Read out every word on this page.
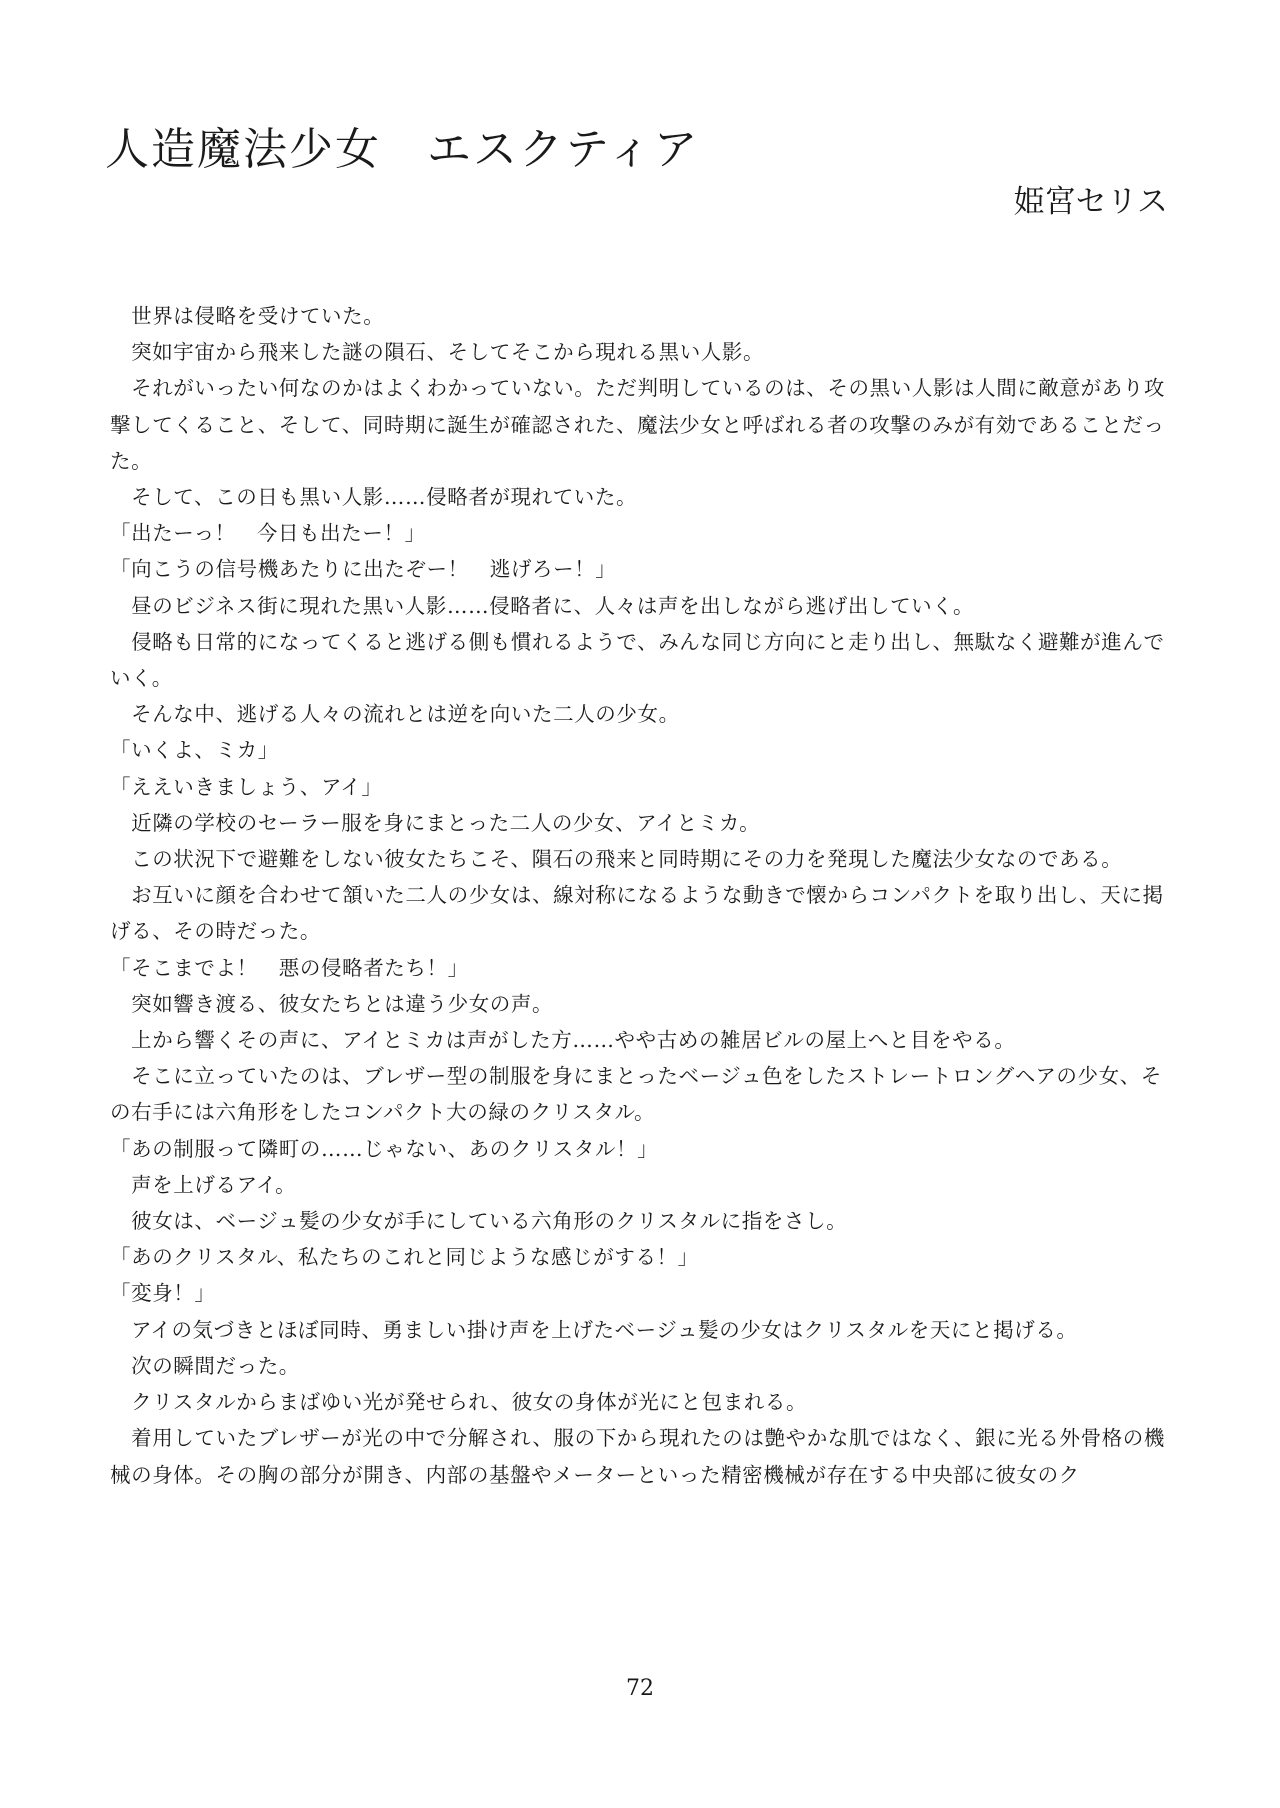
人造魔法少女　エスクティア
姫宮セリス

　世界は侵略を受けていた。

　突如宇宙から飛来した謎の隕石、そしてそこから現れる黒い人影。

　それがいったい何なのかはよくわかっていない。ただ判明しているのは、その黒い人影は人間に敵意があり攻撃してくること、そして、同時期に誕生が確認された、魔法少女と呼ばれる者の攻撃のみが有効であることだった。

　そして、この日も黒い人影……侵略者が現れていた。

「出たーっ！　今日も出たー！」

「向こうの信号機あたりに出たぞー！　逃げろー！」

　昼のビジネス街に現れた黒い人影……侵略者に、人々は声を出しながら逃げ出していく。

　侵略も日常的になってくると逃げる側も慣れるようで、みんな同じ方向にと走り出し、無駄なく避難が進んでいく。

　そんな中、逃げる人々の流れとは逆を向いた二人の少女。

「いくよ、ミカ」

「ええいきましょう、アイ」

　近隣の学校のセーラー服を身にまとった二人の少女、アイとミカ。

　この状況下で避難をしない彼女たちこそ、隕石の飛来と同時期にその力を発現した魔法少女なのである。

　お互いに顔を合わせて頷いた二人の少女は、線対称になるような動きで懐からコンパクトを取り出し、天に掲げる、その時だった。

「そこまでよ！　悪の侵略者たち！」

　突如響き渡る、彼女たちとは違う少女の声。

　上から響くその声に、アイとミカは声がした方……やや古めの雑居ビルの屋上へと目をやる。

　そこに立っていたのは、ブレザー型の制服を身にまとったベージュ色をしたストレートロングヘアの少女、その右手には六角形をしたコンパクト大の緑のクリスタル。

「あの制服って隣町の……じゃない、あのクリスタル！」

　声を上げるアイ。

　彼女は、ベージュ髪の少女が手にしている六角形のクリスタルに指をさし。

「あのクリスタル、私たちのこれと同じような感じがする！」

「変身！」

　アイの気づきとほぼ同時、勇ましい掛け声を上げたベージュ髪の少女はクリスタルを天にと掲げる。

　次の瞬間だった。

　クリスタルからまばゆい光が発せられ、彼女の身体が光にと包まれる。

　着用していたブレザーが光の中で分解され、服の下から現れたのは艶やかな肌ではなく、銀に光る外骨格の機械の身体。その胸の部分が開き、内部の基盤やメーターといった精密機械が存在する中央部に彼女のク

72
